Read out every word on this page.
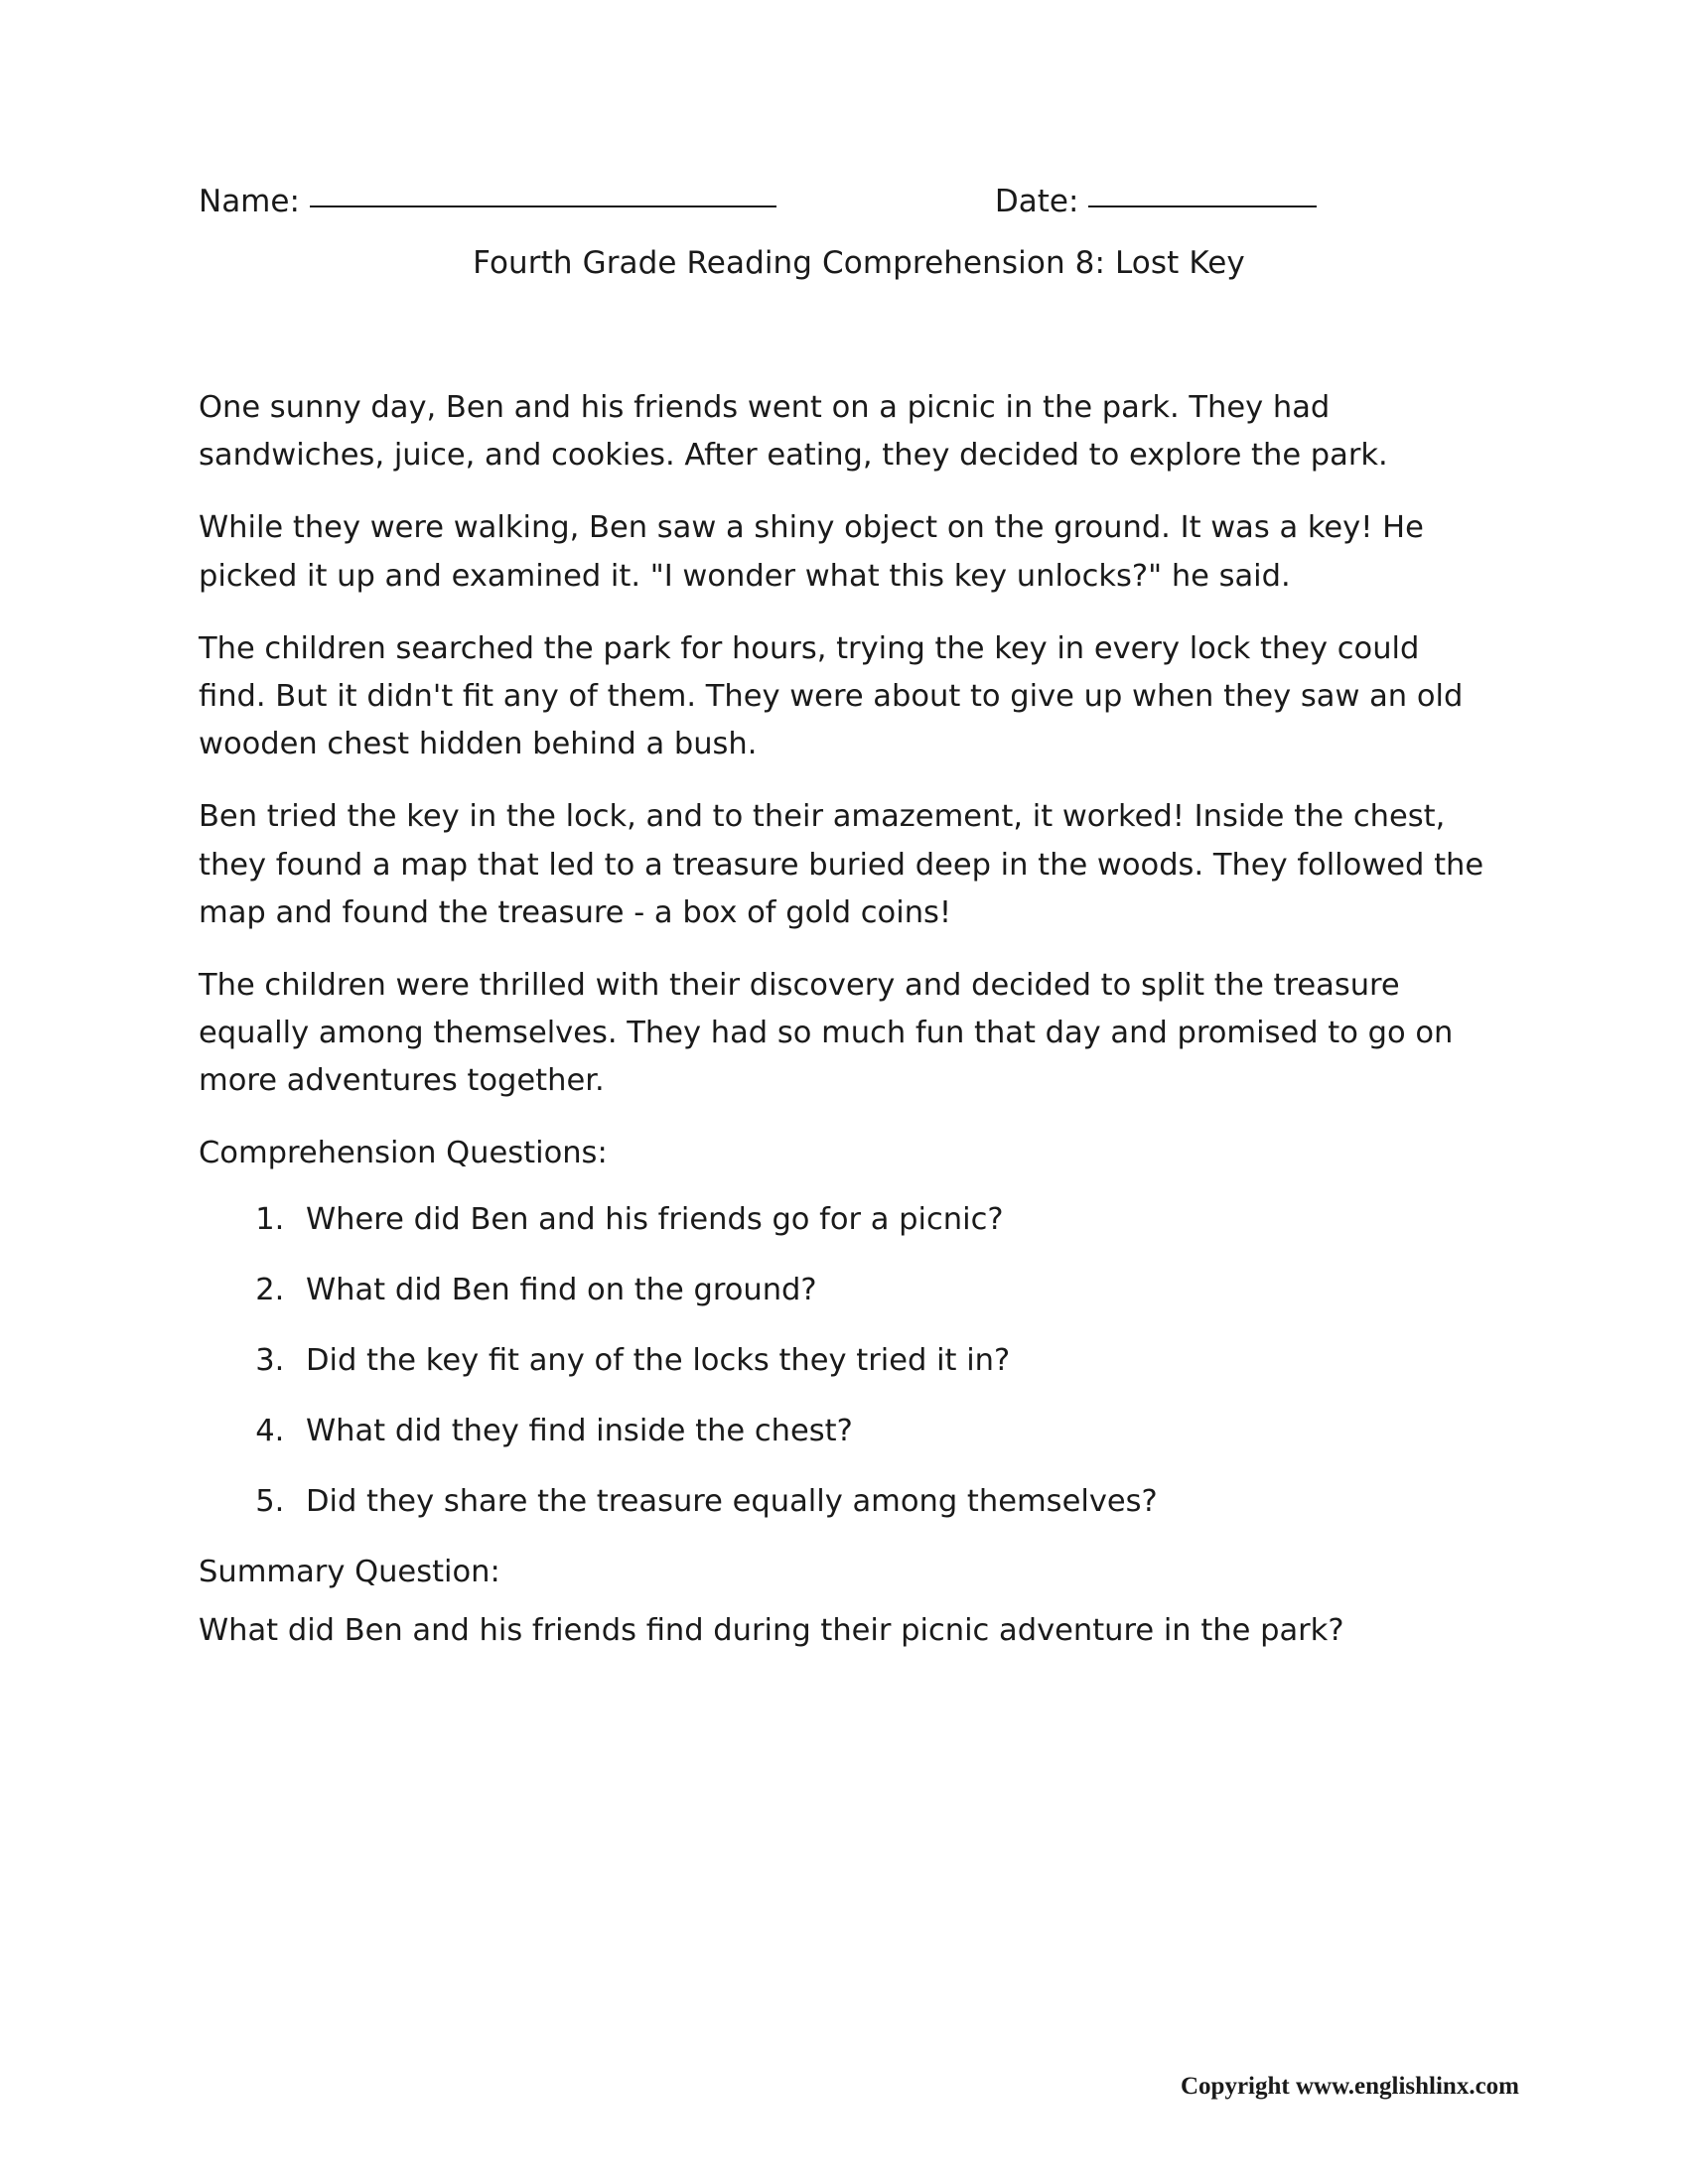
Name:	Date:
Fourth Grade Reading Comprehension 8: Lost Key

One sunny day, Ben and his friends went on a picnic in the park. They had sandwiches, juice, and cookies. After eating, they decided to explore the park.

While they were walking, Ben saw a shiny object on the ground. It was a key! He picked it up and examined it. "I wonder what this key unlocks?" he said.

The children searched the park for hours, trying the key in every lock they could find. But it didn't fit any of them. They were about to give up when they saw an old wooden chest hidden behind a bush.

Ben tried the key in the lock, and to their amazement, it worked! Inside the chest, they found a map that led to a treasure buried deep in the woods. They followed the map and found the treasure - a box of gold coins!

The children were thrilled with their discovery and decided to split the treasure equally among themselves. They had so much fun that day and promised to go on more adventures together.

Comprehension Questions:
1. Where did Ben and his friends go for a picnic?
2. What did Ben find on the ground?
3. Did the key fit any of the locks they tried it in?
4. What did they find inside the chest?
5. Did they share the treasure equally among themselves?
Summary Question:

What did Ben and his friends find during their picnic adventure in the park?

Copyright www.englishlinx.com
